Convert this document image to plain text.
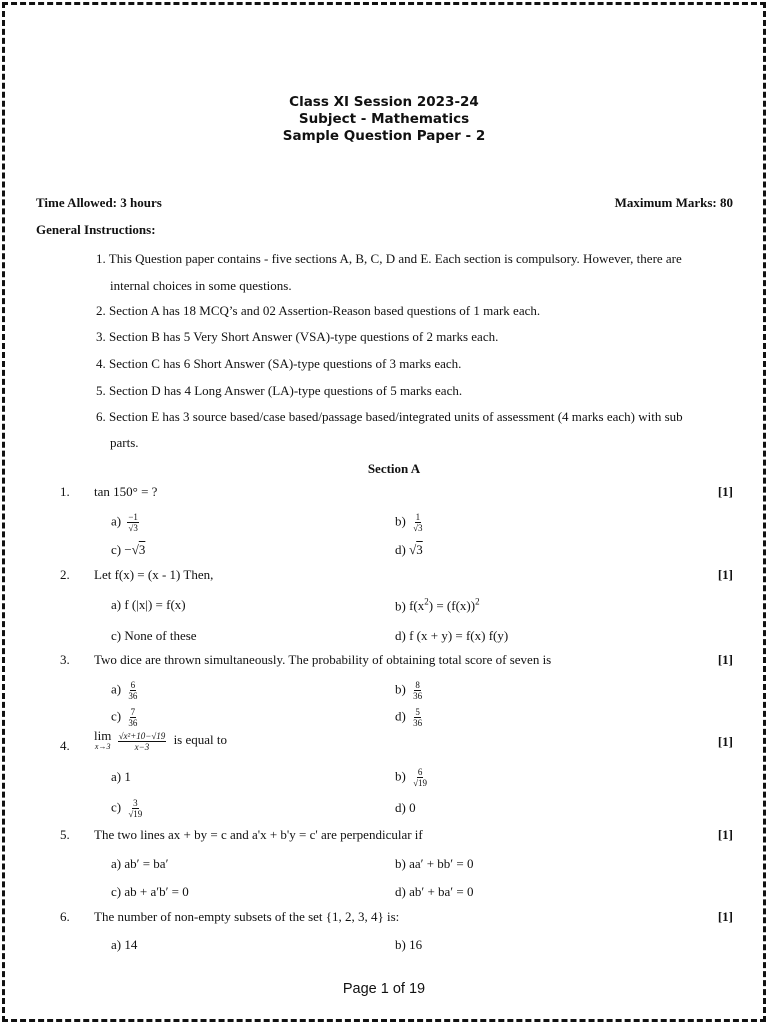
Class XI Session 2023-24
Subject - Mathematics
Sample Question Paper - 2
Time Allowed: 3 hours	Maximum Marks: 80
General Instructions:
1. This Question paper contains - five sections A, B, C, D and E. Each section is compulsory. However, there are
internal choices in some questions.
2. Section A has 18 MCQ’s and 02 Assertion-Reason based questions of 1 mark each.
3. Section B has 5 Very Short Answer (VSA)-type questions of 2 marks each.
4. Section C has 6 Short Answer (SA)-type questions of 3 marks each.
5. Section D has 4 Long Answer (LA)-type questions of 5 marks each.
6. Section E has 3 source based/case based/passage based/integrated units of assessment (4 marks each) with sub
parts.
Section A
1. tan 150° = ?	[1]
$a) \frac{-1}{√3}$	$b) \frac{1}{√3}$
c) −√3	d) √3
2. Let f(x) = (x - 1) Then,	[1]
a) f (|x|) = f(x)	b) $f(x^2) = (f(x))^2$
c) None of these	d) f (x + y) = f(x) f(y)
3. Two dice are thrown simultaneously. The probability of obtaining total score of seven is	[1]
$a) \frac{6}{36}$	$b) \frac{8}{36}$
$c) \frac{7}{36}$	$d) \frac{5}{36}$
4.
lim
x→3
$\frac{\text{√x²+10−√19}}{x-3}$ is equal to	[1]
a) 1	$b) \frac{6}{√19}$
$c) \frac{3}{√19}$	d) 0
5. The two lines ax + by = c and a'x + b'y = c' are perpendicular if	[1]
a) ab′ = ba′	b) aa′ + bb′ = 0
c) ab + a′b′ = 0	d) ab′ + ba′ = 0
6. The number of non-empty subsets of the set {1, 2, 3, 4} is:	[1]
a) 14	b) 16
Page 1 of 19
